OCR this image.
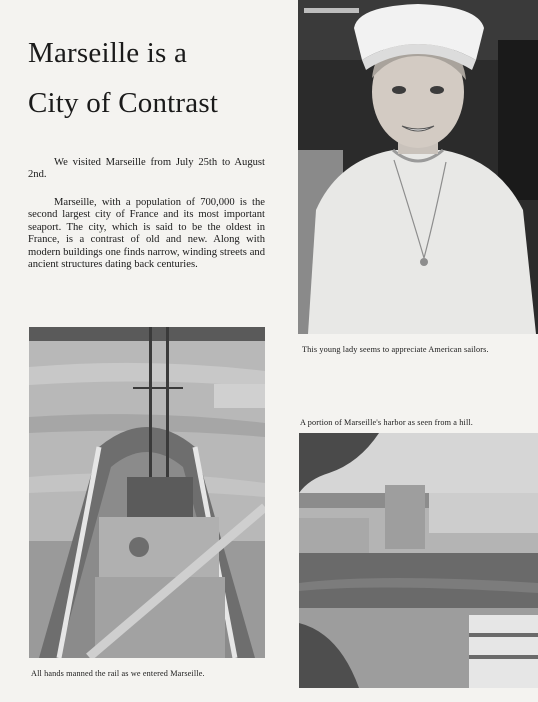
Marseille is a
City of Contrast

We visited Marseille from July 25th to August 2nd.

Marseille, with a population of 700,000 is the second largest city of France and its most important seaport. The city, which is said to be the oldest in France, is a contrast of old and new. Along with modern buildings one finds narrow, winding streets and ancient structures dating back centuries.

This young lady seems to appreciate American sailors.

A portion of Marseille's harbor as seen from a hill.

All hands manned the rail as we entered Marseille.
